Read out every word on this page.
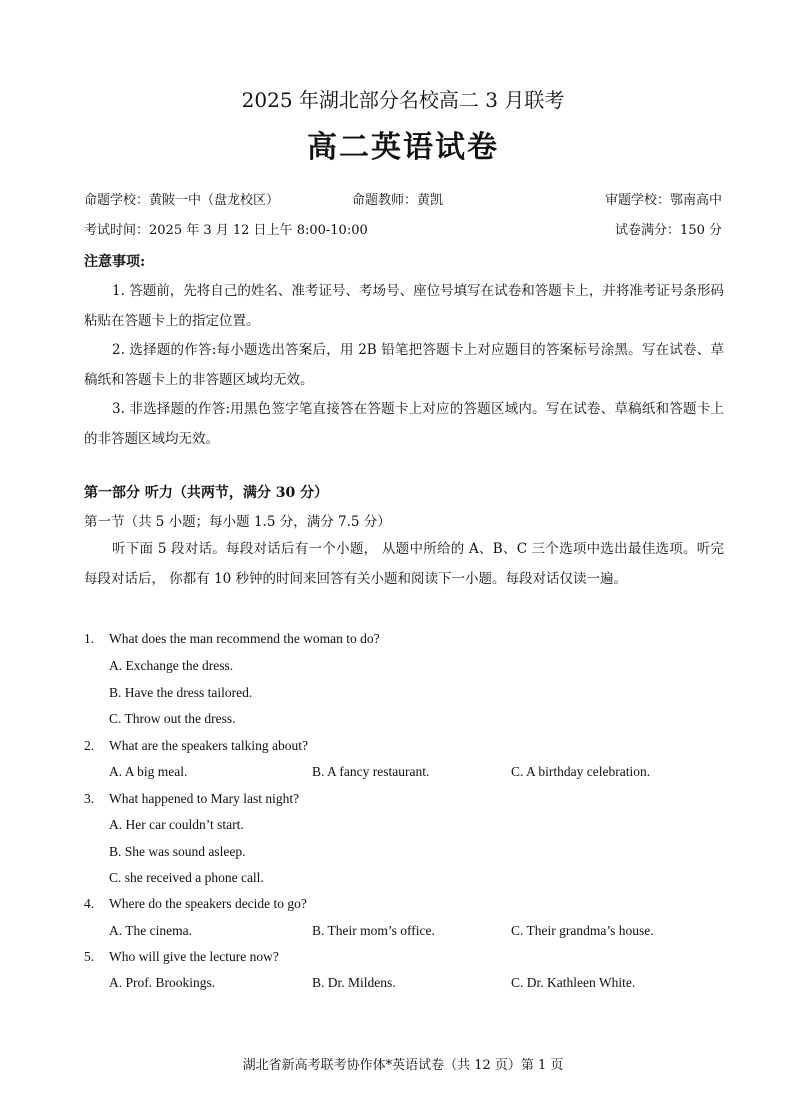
2025 年湖北部分名校高二 3 月联考
高二英语试卷
命题学校：黄陂一中（盘龙校区）	命题教师：黄凯	审题学校：鄂南高中
考试时间：2025 年 3 月 12 日上午 8:00-10:00	试卷满分：150 分
注意事项:
1. 答题前，先将自己的姓名、准考证号、考场号、座位号填写在试卷和答题卡上，并将准考证号条形码粘贴在答题卡上的指定位置。
2. 选择题的作答:每小题选出答案后，用 2B 铅笔把答题卡上对应题目的答案标号涂黑。写在试卷、草稿纸和答题卡上的非答题区域均无效。
3. 非选择题的作答:用黑色签字笔直接答在答题卡上对应的答题区域内。写在试卷、草稿纸和答题卡上的非答题区域均无效。
第一部分 听力（共两节，满分 30 分）
第一节（共 5 小题；每小题 1.5 分，满分 7.5 分）
听下面 5 段对话。每段对话后有一个小题， 从题中所给的 A、B、C 三个选项中选出最佳选项。听完每段对话后， 你都有 10 秒钟的时间来回答有关小题和阅读下一小题。每段对话仅读一遍。
1.	What does the man recommend the woman to do?
A. Exchange the dress.
B. Have the dress tailored.
C. Throw out the dress.
2.	What are the speakers talking about?
A. A big meal.	B. A fancy restaurant.	C. A birthday celebration.
3.	What happened to Mary last night?
A. Her car couldn’t start.
B. She was sound asleep.
C. she received a phone call.
4.	Where do the speakers decide to go?
A. The cinema.	B. Their mom’s office.	C. Their grandma’s house.
5.	Who will give the lecture now?
A. Prof. Brookings.	B. Dr. Mildens.	C. Dr. Kathleen White.
湖北省新高考联考协作体*英语试卷（共 12 页）第 1 页
